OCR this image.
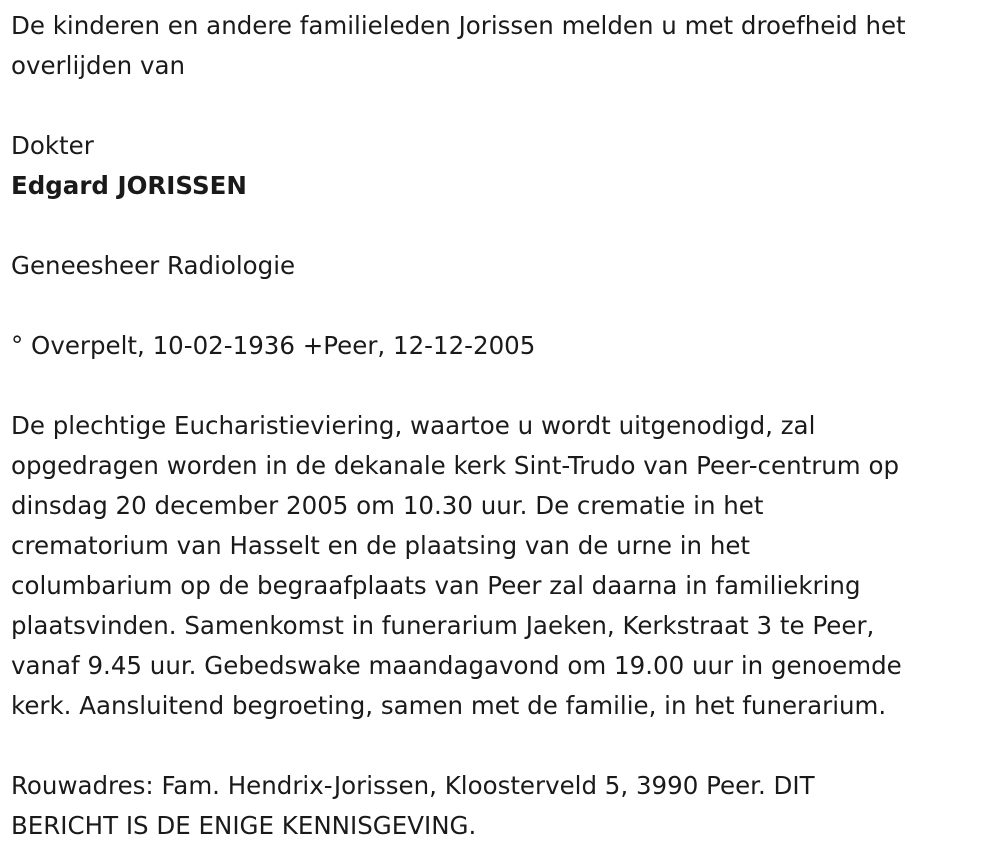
De kinderen en andere familieleden Jorissen melden u met droefheid het

overlijden van

Dokter

Edgard JORISSEN

Geneesheer Radiologie

° Overpelt, 10-02-1936 +Peer, 12-12-2005

De plechtige Eucharistieviering, waartoe u wordt uitgenodigd, zal

opgedragen worden in de dekanale kerk Sint-Trudo van Peer-centrum op

dinsdag 20 december 2005 om 10.30 uur. De crematie in het

crematorium van Hasselt en de plaatsing van de urne in het

columbarium op de begraafplaats van Peer zal daarna in familiekring

plaatsvinden. Samenkomst in funerarium Jaeken, Kerkstraat 3 te Peer,

vanaf 9.45 uur. Gebedswake maandagavond om 19.00 uur in genoemde

kerk. Aansluitend begroeting, samen met de familie, in het funerarium.

Rouwadres: Fam. Hendrix-Jorissen, Kloosterveld 5, 3990 Peer. DIT

BERICHT IS DE ENIGE KENNISGEVING.
